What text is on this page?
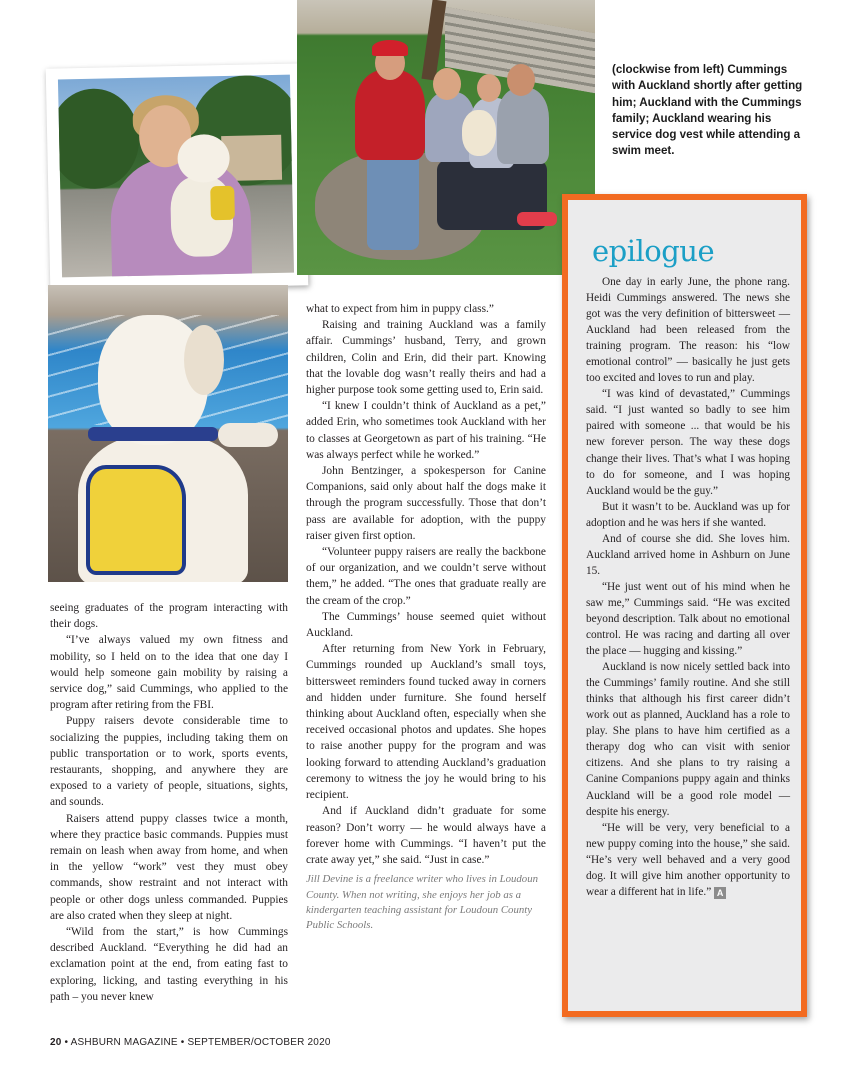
(clockwise from left) Cummings with Auckland shortly after getting him; Auckland with the Cummings family; Auckland wearing his service dog vest while attending a swim meet.

seeing graduates of the program interacting with their dogs.

“I’ve always valued my own fitness and mobility, so I held on to the idea that one day I would help someone gain mobility by raising a service dog,” said Cummings, who applied to the program after retiring from the FBI.

Puppy raisers devote considerable time to socializing the puppies, including taking them on public transportation or to work, sports events, restaurants, shopping, and anywhere they are exposed to a variety of people, situations, sights, and sounds.

Raisers attend puppy classes twice a month, where they practice basic commands. Puppies must remain on leash when away from home, and when in the yellow “work” vest they must obey commands, show restraint and not interact with people or other dogs unless commanded. Puppies are also crated when they sleep at night.

“Wild from the start,” is how Cummings described Auckland. “Everything he did had an exclamation point at the end, from eating fast to exploring, licking, and tasting everything in his path – you never knew

what to expect from him in puppy class.”

Raising and training Auckland was a family affair. Cummings’ husband, Terry, and grown children, Colin and Erin, did their part. Knowing that the lovable dog wasn’t really theirs and had a higher purpose took some getting used to, Erin said.

“I knew I couldn’t think of Auckland as a pet,” added Erin, who sometimes took Auckland with her to classes at Georgetown as part of his training. “He was always perfect while he worked.”

John Bentzinger, a spokesperson for Canine Companions, said only about half the dogs make it through the program successfully. Those that don’t pass are available for adoption, with the puppy raiser given first option.

“Volunteer puppy raisers are really the backbone of our organization, and we couldn’t serve without them,” he added. “The ones that graduate really are the cream of the crop.”

The Cummings’ house seemed quiet without Auckland.

After returning from New York in February, Cummings rounded up Auckland’s small toys, bittersweet reminders found tucked away in corners and hidden under furniture. She found herself thinking about Auckland often, especially when she received occasional photos and updates. She hopes to raise another puppy for the program and was looking forward to attending Auckland’s graduation ceremony to witness the joy he would bring to his recipient.

And if Auckland didn’t graduate for some reason? Don’t worry — he would always have a forever home with Cummings. “I haven’t put the crate away yet,” she said. “Just in case.”

Jill Devine is a freelance writer who lives in Loudoun County. When not writing, she enjoys her job as a kindergarten teaching assistant for Loudoun County Public Schools.

epilogue

One day in early June, the phone rang. Heidi Cummings answered. The news she got was the very definition of bittersweet — Auckland had been released from the training program. The reason: his “low emotional control” — basically he just gets too excited and loves to run and play.

“I was kind of devastated,” Cummings said. “I just wanted so badly to see him paired with someone ... that would be his new forever person. The way these dogs change their lives. That’s what I was hoping to do for someone, and I was hoping Auckland would be the guy.”

But it wasn’t to be. Auckland was up for adoption and he was hers if she wanted.

And of course she did. She loves him. Auckland arrived home in Ashburn on June 15.

“He just went out of his mind when he saw me,” Cummings said. “He was excited beyond description. Talk about no emotional control. He was racing and darting all over the place — hugging and kissing.”

Auckland is now nicely settled back into the Cummings’ family routine. And she still thinks that although his first career didn’t work out as planned, Auckland has a role to play. She plans to have him certified as a therapy dog who can visit with senior citizens. And she plans to try raising a Canine Companions puppy again and thinks Auckland will be a good role model — despite his energy.

“He will be very, very beneficial to a new puppy coming into the house,” she said. “He’s very well behaved and a very good dog. It will give him another opportunity to wear a different hat in life.” A

20 • ASHBURN MAGAZINE • SEPTEMBER/OCTOBER 2020
